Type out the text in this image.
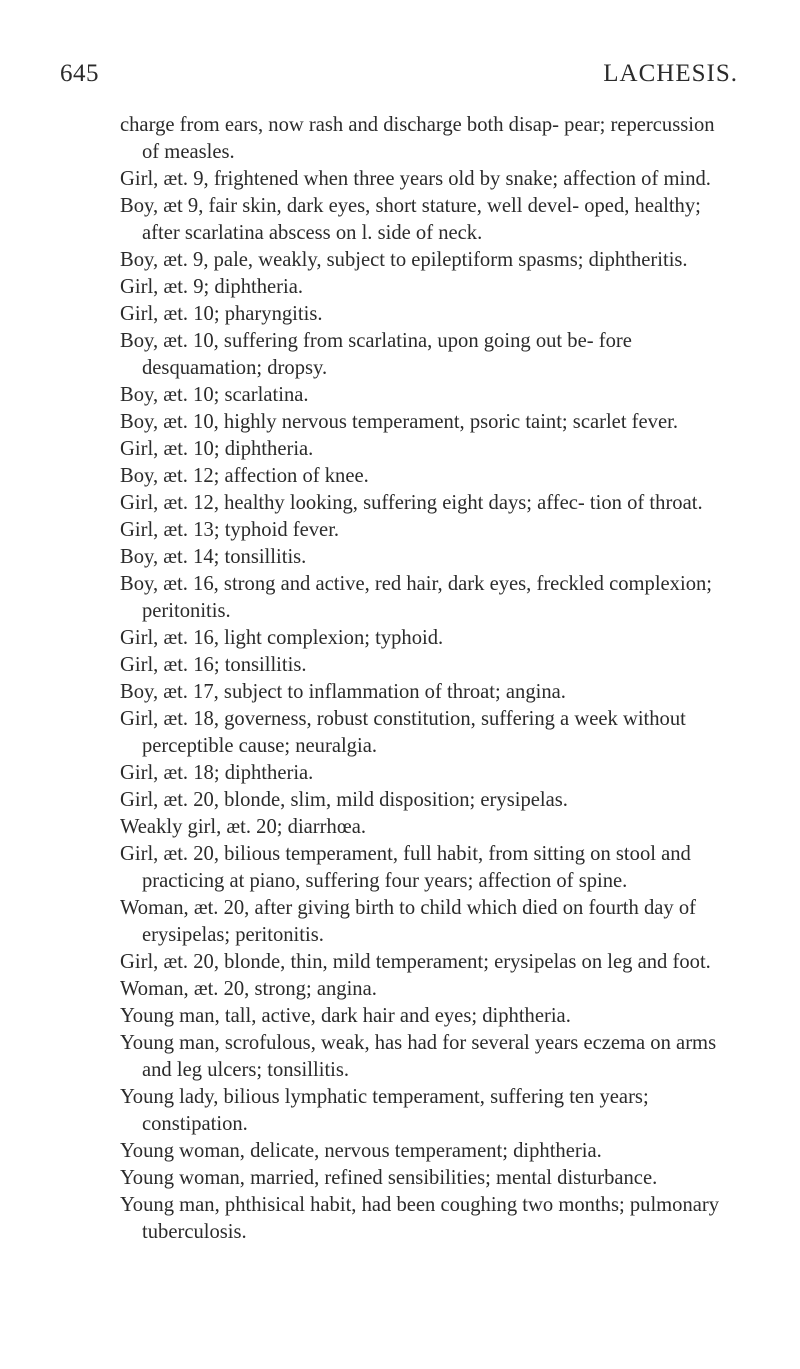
645	LACHESIS.

charge from ears, now rash and discharge both disap- pear; repercussion of measles.

Girl, æt. 9, frightened when three years old by snake; affection of mind.

Boy, æt 9, fair skin, dark eyes, short stature, well devel- oped, healthy; after scarlatina abscess on l. side of neck.

Boy, æt. 9, pale, weakly, subject to epileptiform spasms; diphtheritis.

Girl, æt. 9; diphtheria.

Girl, æt. 10; pharyngitis.

Boy, æt. 10, suffering from scarlatina, upon going out be- fore desquamation; dropsy.

Boy, æt. 10; scarlatina.

Boy, æt. 10, highly nervous temperament, psoric taint; scarlet fever.

Girl, æt. 10; diphtheria.

Boy, æt. 12; affection of knee.

Girl, æt. 12, healthy looking, suffering eight days; affec- tion of throat.

Girl, æt. 13; typhoid fever.

Boy, æt. 14; tonsillitis.

Boy, æt. 16, strong and active, red hair, dark eyes, freckled complexion; peritonitis.

Girl, æt. 16, light complexion; typhoid.

Girl, æt. 16; tonsillitis.

Boy, æt. 17, subject to inflammation of throat; angina.

Girl, æt. 18, governess, robust constitution, suffering a week without perceptible cause; neuralgia.

Girl, æt. 18; diphtheria.

Girl, æt. 20, blonde, slim, mild disposition; erysipelas.

Weakly girl, æt. 20; diarrhœa.

Girl, æt. 20, bilious temperament, full habit, from sitting on stool and practicing at piano, suffering four years; affection of spine.

Woman, æt. 20, after giving birth to child which died on fourth day of erysipelas; peritonitis.

Girl, æt. 20, blonde, thin, mild temperament; erysipelas on leg and foot.

Woman, æt. 20, strong; angina.

Young man, tall, active, dark hair and eyes; diphtheria.

Young man, scrofulous, weak, has had for several years eczema on arms and leg ulcers; tonsillitis.

Young lady, bilious lymphatic temperament, suffering ten years; constipation.

Young woman, delicate, nervous temperament; diphtheria.

Young woman, married, refined sensibilities; mental disturbance.

Young man, phthisical habit, had been coughing two months; pulmonary tuberculosis.
